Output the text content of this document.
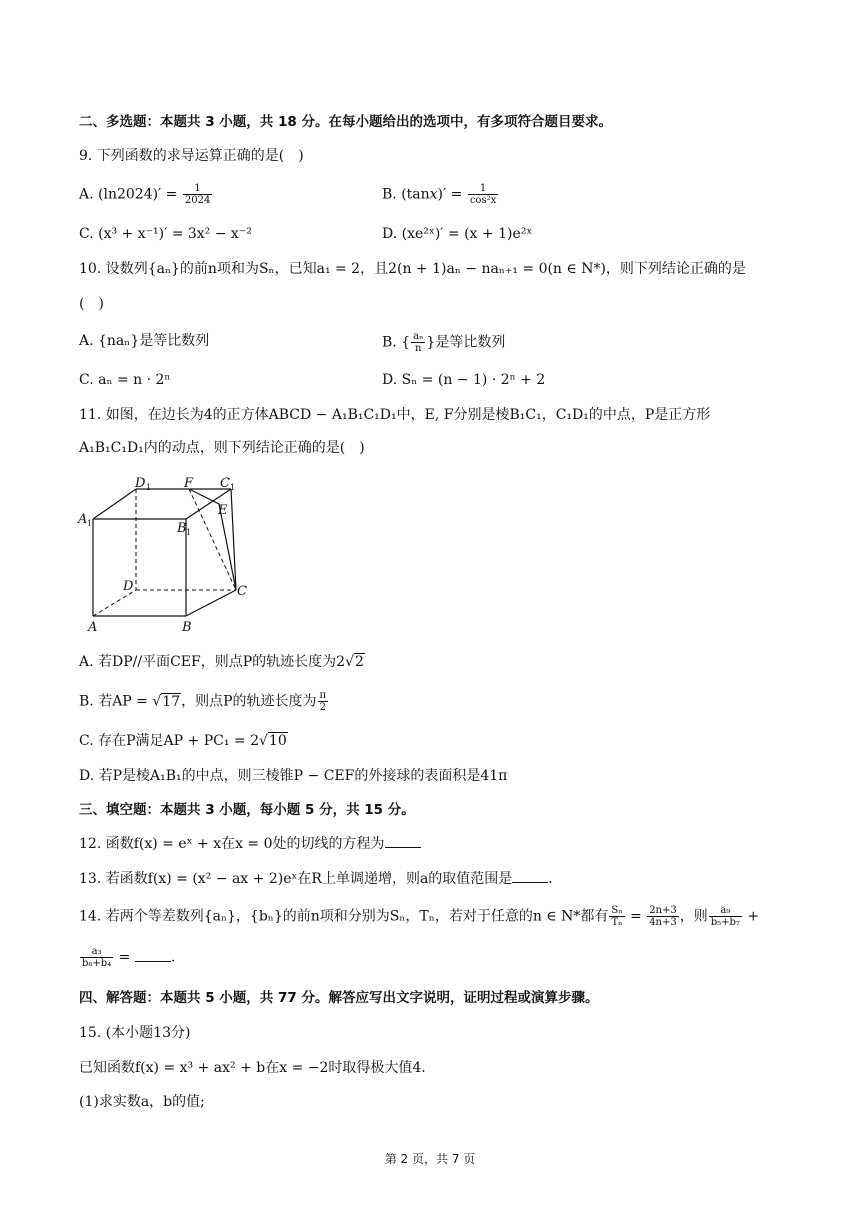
二、多选题：本题共 3 小题，共 18 分。在每小题给出的选项中，有多项符合题目要求。
9. 下列函数的求导运算正确的是(　)
A. $(\ln 2024)' = \frac{1}{2024}$	B. $(\tan x)' = \frac{1}{\text{cos²x}}$
C. (x³ + x⁻¹)′ = 3x² − x⁻²	D. (xe²ˣ)′ = (x + 1)e²ˣ
10. 设数列{aₙ}的前n项和为Sₙ，已知a₁ = 2，且2(n + 1)aₙ − naₙ₊₁ = 0(n ∈ N*)，则下列结论正确的是
(　)
A. {naₙ}是等比数列	B. { $\frac{\text{aₙ}}{n}$ }是等比数列
C. aₙ = n · 2ⁿ	D. Sₙ = (n − 1) · 2ⁿ + 2
11. 如图，在边长为4的正方体ABCD − A₁B₁C₁D₁中，E, F分别是棱B₁C₁，C₁D₁的中点，P是正方形
A₁B₁C₁D₁内的动点，则下列结论正确的是(　)
A 1
D 1	F C 1
E
B 1
D	C
A	B
A. 若DP//平面CEF，则点P的轨迹长度为2√2
B. 若AP = √17，则点P的轨迹长度为 $\frac{\pi}{2}$
C. 存在P满足AP + PC₁ = 2√10
D. 若P是棱A₁B₁的中点，则三棱锥P − CEF的外接球的表面积是41π
三、填空题：本题共 3 小题，每小题 5 分，共 15 分。
12. 函数f(x) = eˣ + x在x = 0处的切线的方程为
13. 若函数f(x) = (x² − ax + 2)eˣ在R上单调递增，则a的取值范围是	.
14. 若两个等差数列{aₙ}，{bₙ}的前n项和分别为Sₙ，Tₙ，若对于任意的n ∈ N*都有 $\frac{\text{Sₙ}}{\text{Tₙ}} = \frac{2n+3}{4n+3}$ ，则 $\frac{\text{a₉}}{\text{b₅+b₇}}$ +
$\frac{\text{a₃}}{\text{b₈+b₄}}$ =	.
四、解答题：本题共 5 小题，共 77 分。解答应写出文字说明，证明过程或演算步骤。
15. (本小题13分)
已知函数f(x) = x³ + ax² + b在x = −2时取得极大值4.
(1)求实数a，b的值;
第 2 页，共 7 页
